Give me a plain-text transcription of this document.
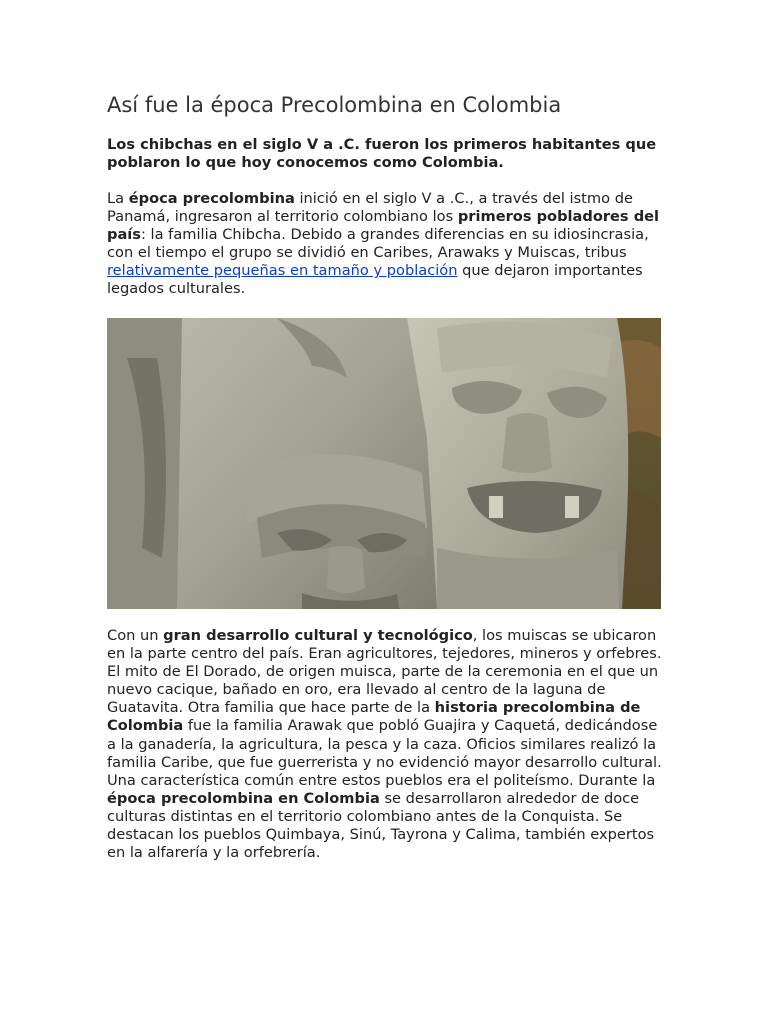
Así fue la época Precolombina en Colombia

Los chibchas en el siglo V a .C. fueron los primeros habitantes que poblaron lo que hoy conocemos como Colombia.

La época precolombina inició en el siglo V a .C., a través del istmo de Panamá, ingresaron al territorio colombiano los primeros pobladores del país: la familia Chibcha. Debido a grandes diferencias en su idiosincrasia, con el tiempo el grupo se dividió en Caribes, Arawaks y Muiscas, tribus relativamente pequeñas en tamaño y población que dejaron importantes legados culturales.

Con un gran desarrollo cultural y tecnológico, los muiscas se ubicaron en la parte centro del país. Eran agricultores, tejedores, mineros y orfebres. El mito de El Dorado, de origen muisca, parte de la ceremonia en el que un nuevo cacique, bañado en oro, era llevado al centro de la laguna de Guatavita. Otra familia que hace parte de la historia precolombina de Colombia fue la familia Arawak que pobló Guajira y Caquetá, dedicándose a la ganadería, la agricultura, la pesca y la caza. Oficios similares realizó la familia Caribe, que fue guerrerista y no evidenció mayor desarrollo cultural. Una característica común entre estos pueblos era el politeísmo. Durante la época precolombina en Colombia se desarrollaron alrededor de doce culturas distintas en el territorio colombiano antes de la Conquista. Se destacan los pueblos Quimbaya, Sinú, Tayrona y Calima, también expertos en la alfarería y la orfebrería.
